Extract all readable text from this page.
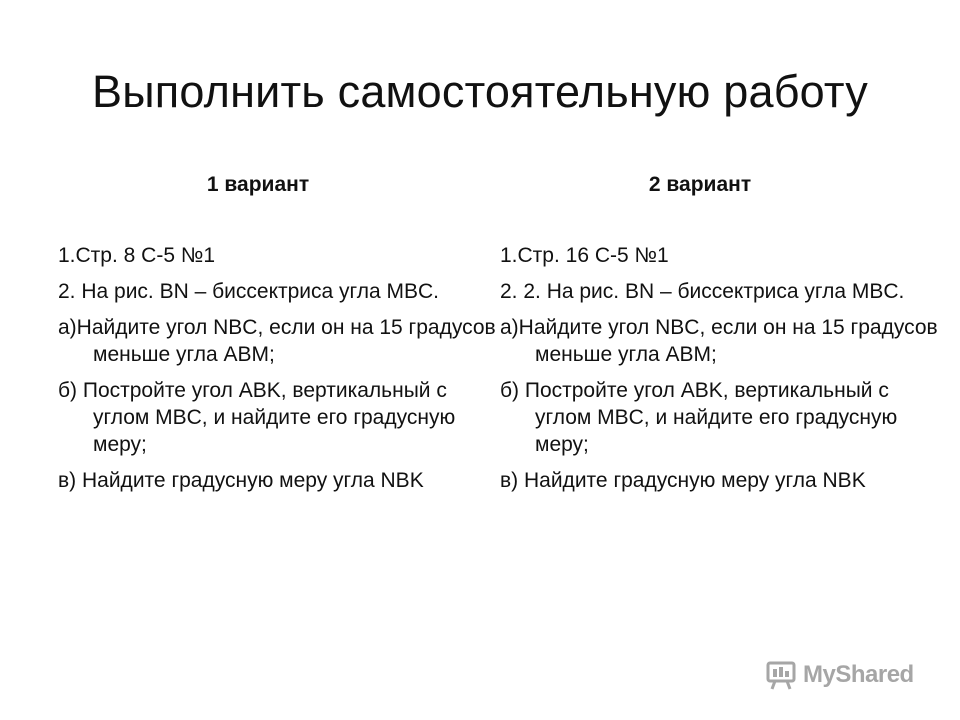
Выполнить самостоятельную работу
1 вариант
1.Стр. 8 С-5 №1
2. На рис. BN – биссектриса угла MBC.
а)Найдите угол NBC, если он на 15 градусов меньше угла ABM;
б) Постройте угол ABK, вертикальный с углом MBC, и найдите его градусную меру;
в) Найдите градусную меру угла NBK
2 вариант
1.Стр. 16 С-5 №1
2. 2. На рис. BN – биссектриса угла MBC.
а)Найдите угол NBC, если он на 15 градусов меньше угла ABM;
б) Постройте угол ABK, вертикальный с углом MBC, и найдите его градусную меру;
в) Найдите градусную меру угла NBK
MyShared
